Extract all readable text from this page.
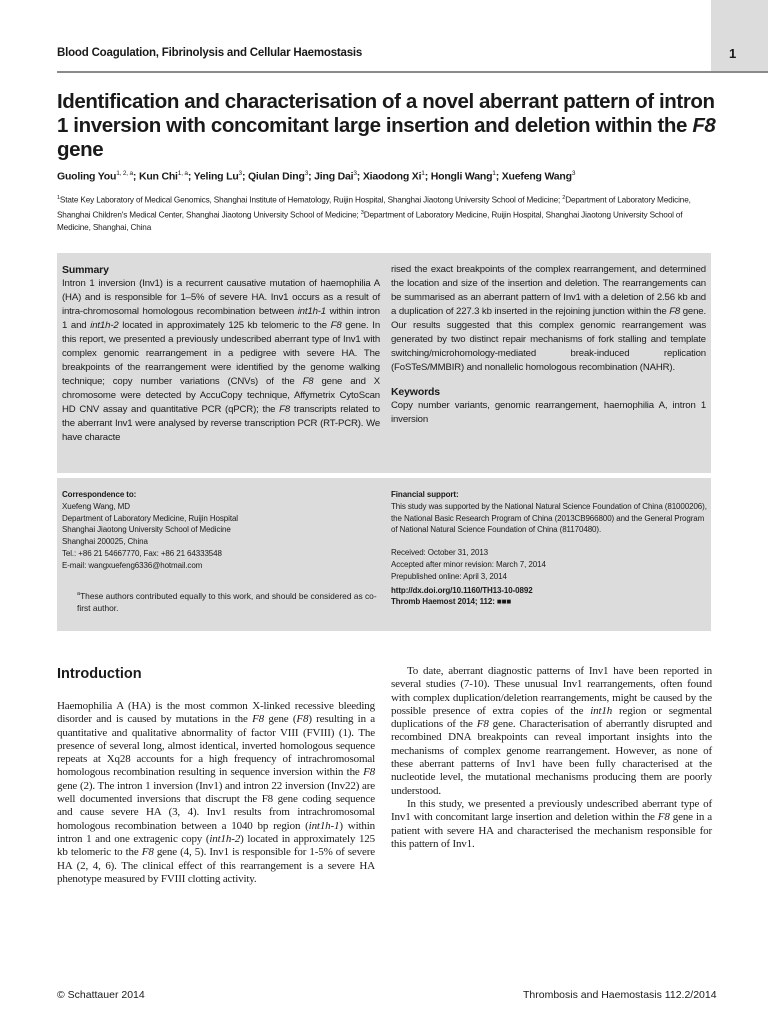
1
Blood Coagulation, Fibrinolysis and Cellular Haemostasis
Identification and characterisation of a novel aberrant pattern of intron 1 inversion with concomitant large insertion and deletion within the F8 gene
Guoling You$^{1, 2, a}$; Kun Chi$^{1, a}$; Yeling Lu$^3$; Qiulan Ding$^3$; Jing Dai$^3$; Xiaodong Xi$^1$; Hongli Wang$^1$; Xuefeng Wang$^3$
$^1$State Key Laboratory of Medical Genomics, Shanghai Institute of Hematology, Ruijin Hospital, Shanghai Jiaotong University School of Medicine; $^2$Department of Laboratory Medicine, Shanghai Children's Medical Center, Shanghai Jiaotong University School of Medicine; $^3$Department of Laboratory Medicine, Ruijin Hospital, Shanghai Jiaotong University School of Medicine, Shanghai, China
Summary

Intron 1 inversion (Inv1) is a recurrent causative mutation of haemophilia A (HA) and is responsible for 1–5% of severe HA. Inv1 occurs as a result of intra-chromosomal homologous recombination between int1h-1 within intron 1 and int1h-2 located in approximately 125 kb telomeric to the F8 gene. In this report, we presented a previously undescribed aberrant type of Inv1 with complex genomic rearrangement in a pedigree with severe HA. The breakpoints of the rearrangement were identified by the genome walking technique; copy number variations (CNVs) of the F8 gene and X chromosome were detected by AccuCopy technique, Affymetrix CytoScan HD CNV assay and quantitative PCR (qPCR); the F8 transcripts related to the aberrant Inv1 were analysed by reverse transcription PCR (RT-PCR). We have characte

rised the exact breakpoints of the complex rearrangement, and determined the location and size of the insertion and deletion. The rearrangements can be summarised as an aberrant pattern of Inv1 with a deletion of 2.56 kb and a duplication of 227.3 kb inserted in the rejoining junction within the F8 gene. Our results suggested that this complex genomic rearrangement was generated by two distinct repair mechanisms of fork stalling and template switching/microhomology-mediated break-induced replication (FoSTeS/MMBIR) and nonallelic homologous recombination (NAHR).

Keywords

Copy number variants, genomic rearrangement, haemophilia A, intron 1 inversion

Correspondence to:
Xuefeng Wang, MD
Department of Laboratory Medicine, Ruijin Hospital
Shanghai Jiaotong University School of Medicine
Shanghai 200025, China
Tel.: +86 21 54667770, Fax: +86 21 64333548
E-mail: wangxuefeng6336@hotmail.com
$^a$These authors contributed equally to this work, and should be considered as co-first author.
Financial support:
This study was supported by the National Natural Science Foundation of China (81000206), the National Basic Research Program of China (2013CB966800) and the General Program of National Natural Science Foundation of China (81170480).
Received: October 31, 2013
Accepted after minor revision: March 7, 2014
Prepublished online: April 3, 2014
http://dx.doi.org/10.1160/TH13-10-0892
Thromb Haemost 2014; 112: ■■■
Introduction

Haemophilia A (HA) is the most common X-linked recessive bleeding disorder and is caused by mutations in the F8 gene (F8) resulting in a quantitative and qualitative abnormality of factor VIII (FVIII) (1). The presence of several long, almost identical, inverted homologous sequence repeats at Xq28 accounts for a high frequency of intrachromosomal homologous recombination resulting in sequence inversion within the F8 gene (2). The intron 1 inversion (Inv1) and intron 22 inversion (Inv22) are well documented inversions that discrupt the F8 gene coding sequence and cause severe HA (3, 4). Inv1 results from intrachromosomal homologous recombination between a 1040 bp region (int1h-1) within intron 1 and one extragenic copy (int1h-2) located in approximately 125 kb telomeric to the F8 gene (4, 5). Inv1 is responsible for 1-5% of severe HA (2, 4, 6). The clinical effect of this rearrangement is a severe HA phenotype measured by FVIII clotting activity.

To date, aberrant diagnostic patterns of Inv1 have been reported in several studies (7-10). These unusual Inv1 rearrangements, often found with complex duplication/deletion rearrangements, might be caused by the possible presence of extra copies of the int1h region or segmental duplications of the F8 gene. Characterisation of aberrantly disrupted and recombined DNA breakpoints can reveal important insights into the mechanisms of complex genome rearrangement. However, as none of these aberrant patterns of Inv1 have been fully characterised at the nucleotide level, the mutational mechanisms producing them are poorly understood.

In this study, we presented a previously undescribed aberrant type of Inv1 with concomitant large insertion and deletion within the F8 gene in a patient with severe HA and characterised the mechanism responsible for this pattern of Inv1.

© Schattauer 2014	Thrombosis and Haemostasis 112.2/2014
